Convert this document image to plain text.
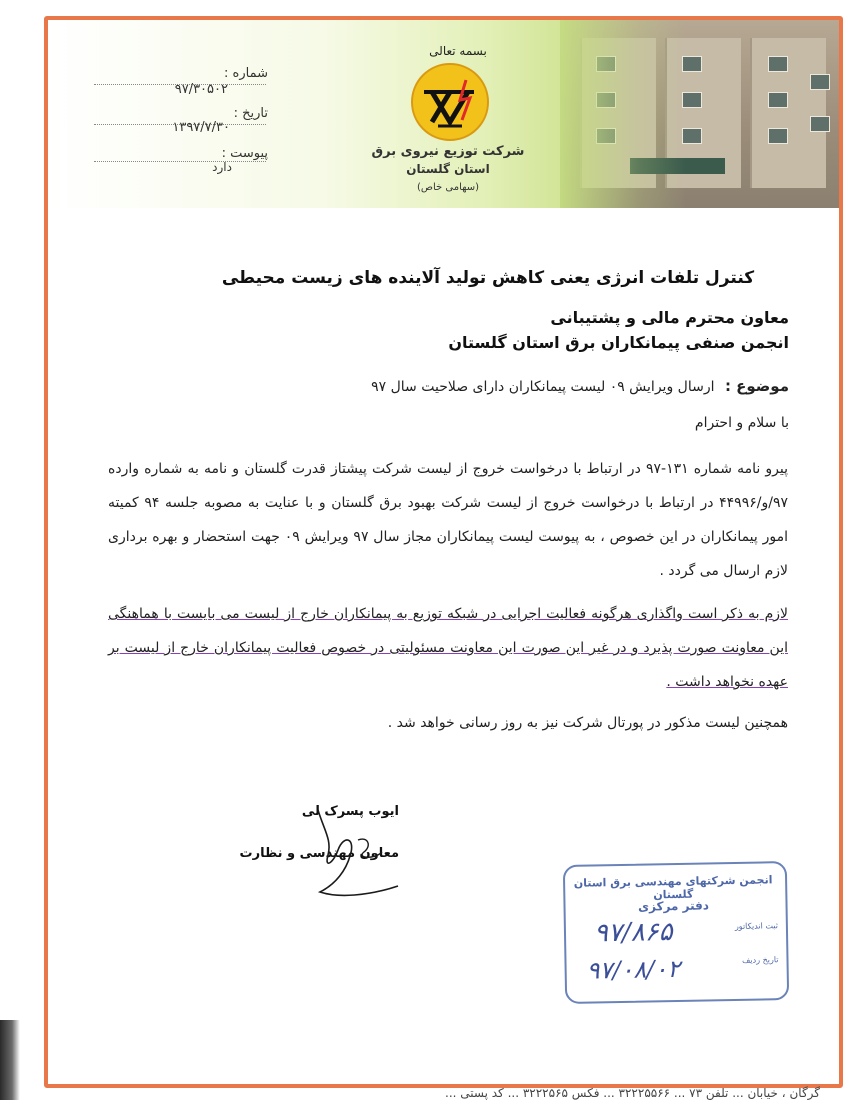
بسمه تعالی
شرکت توزیع نیروی برق
استان گلستان
(سهامی خاص)
شماره :
۹۷/۳۰۵۰۲
تاریخ :
۱۳۹۷/۷/۳۰
پیوست :
دارد
کنترل تلفات انرژی یعنی کاهش تولید آلاینده های زیست محیطی
معاون محترم مالی و پشتیبانی
انجمن صنفی پیمانکاران برق استان گلستان
موضوع : ارسال ویرایش ۰۹ لیست پیمانکاران دارای صلاحیت سال ۹۷
با سلام و احترام
پیرو نامه شماره ۱۳۱-۹۷ در ارتباط با درخواست خروج از لیست شرکت پیشتاز قدرت گلستان و نامه به شماره وارده ۹۷/و/۴۴۹۹۶ در ارتباط با درخواست خروج از لیست شرکت بهبود برق گلستان و با عنایت به مصوبه جلسه ۹۴ کمیته امور پیمانکاران در این خصوص ، به پیوست لیست پیمانکاران مجاز سال ۹۷ ویرایش ۰۹ جهت استحضار و بهره برداری لازم ارسال می گردد .
لازم به ذکر است واگذاری هرگونه فعالیت اجرایی در شبکه توزیع به پیمانکاران خارج از لیست می بایست با هماهنگی این معاونت صورت پذیرد و در غیر این صورت این معاونت مسئولیتی در خصوص فعالیت پیمانکاران خارج از لیست بر عهده نخواهد داشت .
همچنین لیست مذکور در پورتال شرکت نیز به روز رسانی خواهد شد .
ایوب پسرک لی
معاون مهندسی و نظارت
انجمن شرکتهای مهندسی برق استان گلستان
دفتر مرکزی
ثبت اندیکاتور
۹۷/۸۶۵
تاریخ ردیف
۹۷/۰۸/۰۲
گرگان ، خیابان ... تلفن ۷۳ ... ۳۲۲۲۵۵۶۶ ... فکس ۳۲۲۲۵۶۵ ... کد پستی ...
